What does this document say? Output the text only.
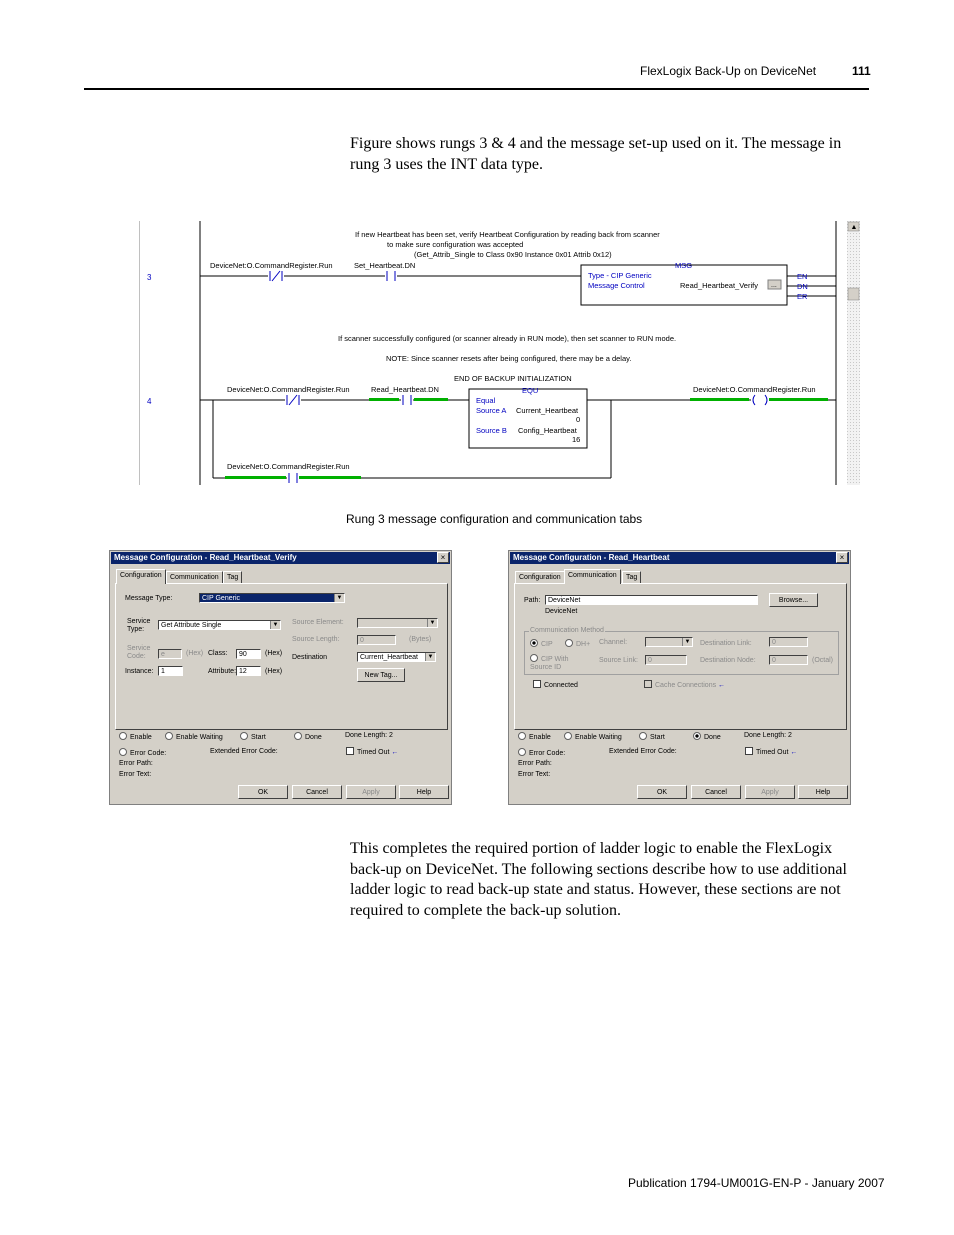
FlexLogix Back-Up on DeviceNet	111

Figure shows rungs 3 & 4 and the message set-up used on it. The message in rung 3 uses the INT data type.

▲
3
If new Heartbeat has been set, verify Heartbeat Configuration by reading back from scanner
to make sure configuration was accepted
(Get_Attrib_Single to Class 0x90 Instance 0x01 Attrib 0x12)
DeviceNet:O.CommandRegister.Run	Set_Heartbeat.DN	MSG
Type - CIP Generic
Message Control	Read_Heartbeat_Verify ...
EN
DN
ER
4
If scanner successfully configured (or scanner already in RUN mode), then set scanner to RUN mode.
NOTE: Since scanner resets after being configured, there may be a delay.
END OF BACKUP INITIALIZATION
DeviceNet:O.CommandRegister.Run	Read_Heartbeat.DN	DeviceNet:O.CommandRegister.Run
EQU
Equal
Source A Current_Heartbeat
0
Source B Config_Heartbeat
16
DeviceNet:O.CommandRegister.Run
Rung 3 message configuration and communication tabs
Message Configuration - Read_Heartbeat_Verify	×
Configuration	Communication	Tag
Message Type:	CIP Generic	▼
Service
Type:
Get Attribute Single	▼
Service
Code:	e	(Hex) Class:	90	(Hex)
Instance:	1	Attribute: 12	(Hex)
Source Element:	▼
Source Length:	0	(Bytes)
Destination	Current_Heartbeat	▼
New Tag...
Enable	Enable Waiting	Start	Done	Done Length: 2
Error Code:	Extended Error Code:	Timed Out ←
Error Path:
Error Text:
OK	Cancel	Apply	Help
Message Configuration - Read_Heartbeat	×
Configuration	Communication	Tag
Path:	DeviceNet	Browse...
DeviceNet
Communication Method
CIP	DH+ Channel:	▼ Destination Link:	0
CIP With
Source ID
Source Link:	0	Destination Node:	0	(Octal)
Connected	Cache Connections ←
Enable	Enable Waiting	Start	Done	Done Length: 2
Error Code:	Extended Error Code:	Timed Out ←
Error Path:
Error Text:
OK	Cancel	Apply	Help

This completes the required portion of ladder logic to enable the FlexLogix back-up on DeviceNet. The following sections describe how to use additional ladder logic to read back-up state and status. However, these sections are not required to complete the back-up solution.

Publication 1794-UM001G-EN-P - January 2007
